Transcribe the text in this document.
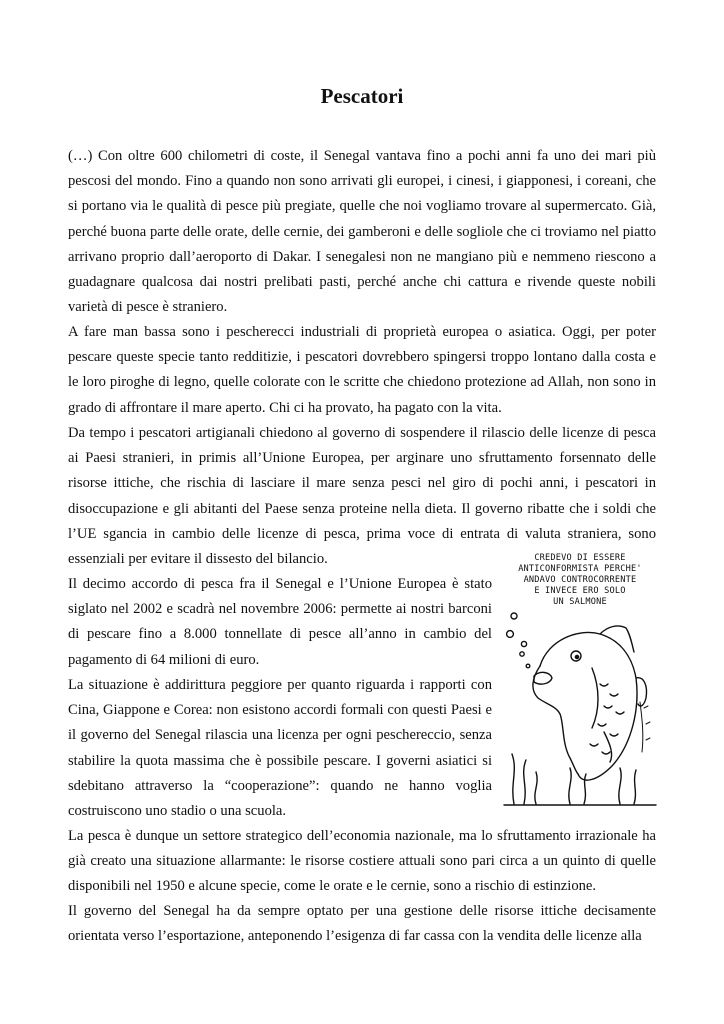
Pescatori

(…) Con oltre 600 chilometri di coste, il Senegal vantava fino a pochi anni fa uno dei mari più pescosi del mondo. Fino a quando non sono arrivati gli europei, i cinesi, i giapponesi, i coreani, che si portano via le qualità di pesce più pregiate, quelle che noi vogliamo trovare al supermercato. Già, perché buona parte delle orate, delle cernie, dei gamberoni e delle sogliole che ci troviamo nel piatto arrivano proprio dall’aeroporto di Dakar. I senegalesi non ne mangiano più e nemmeno riescono a guadagnare qualcosa dai nostri prelibati pasti, perché anche chi cattura e rivende queste nobili varietà di pesce è straniero.

A fare man bassa sono i pescherecci industriali di proprietà europea o asiatica. Oggi, per poter pescare queste specie tanto redditizie, i pescatori dovrebbero spingersi troppo lontano dalla costa e le loro piroghe di legno, quelle colorate con le scritte che chiedono protezione ad Allah, non sono in grado di affrontare il mare aperto. Chi ci ha provato, ha pagato con la vita.

Da tempo i pescatori artigianali chiedono al governo di sospendere il rilascio delle licenze di pesca ai Paesi stranieri, in primis all’Unione Europea, per arginare uno sfruttamento forsennato delle risorse ittiche, che rischia di lasciare il mare senza pesci nel giro di pochi anni, i pescatori in disoccupazione e gli abitanti del Paese senza proteine nella dieta. Il governo ribatte che i soldi che l’UE sgancia in cambio delle licenze di pesca, prima voce di entrata di valuta straniera, sono essenziali per evitare il dissesto del bilancio.

Il decimo accordo di pesca fra il Senegal e l’Unione Europea è stato siglato nel 2002 e scadrà nel novembre 2006: permette ai nostri barconi di pescare fino a 8.000 tonnellate di pesce all’anno in cambio del pagamento di 64 milioni di euro.

La situazione è addirittura peggiore per quanto riguarda i rapporti con Cina, Giappone e Corea: non esistono accordi formali con questi Paesi e il governo del Senegal rilascia una licenza per ogni peschereccio, senza stabilire la quota massima che è possibile pescare. I governi asiatici si sdebitano attraverso la “cooperazione”: quando ne hanno voglia costruiscono uno stadio o una scuola.

La pesca è dunque un settore strategico dell’economia nazionale, ma lo sfruttamento irrazionale ha già creato una situazione allarmante: le risorse costiere attuali sono pari circa a un quinto di quelle disponibili nel 1950 e alcune specie, come le orate e le cernie, sono a rischio di estinzione.

Il governo del Senegal ha da sempre optato per una gestione delle risorse ittiche decisamente orientata verso l’esportazione, anteponendo l’esigenza di far cassa con la vendita delle licenze alla

CREDEVO DI ESSERE
ANTICONFORMISTA PERCHE'
ANDAVO CONTROCORRENTE
E INVECE ERO SOLO
UN SALMONE
